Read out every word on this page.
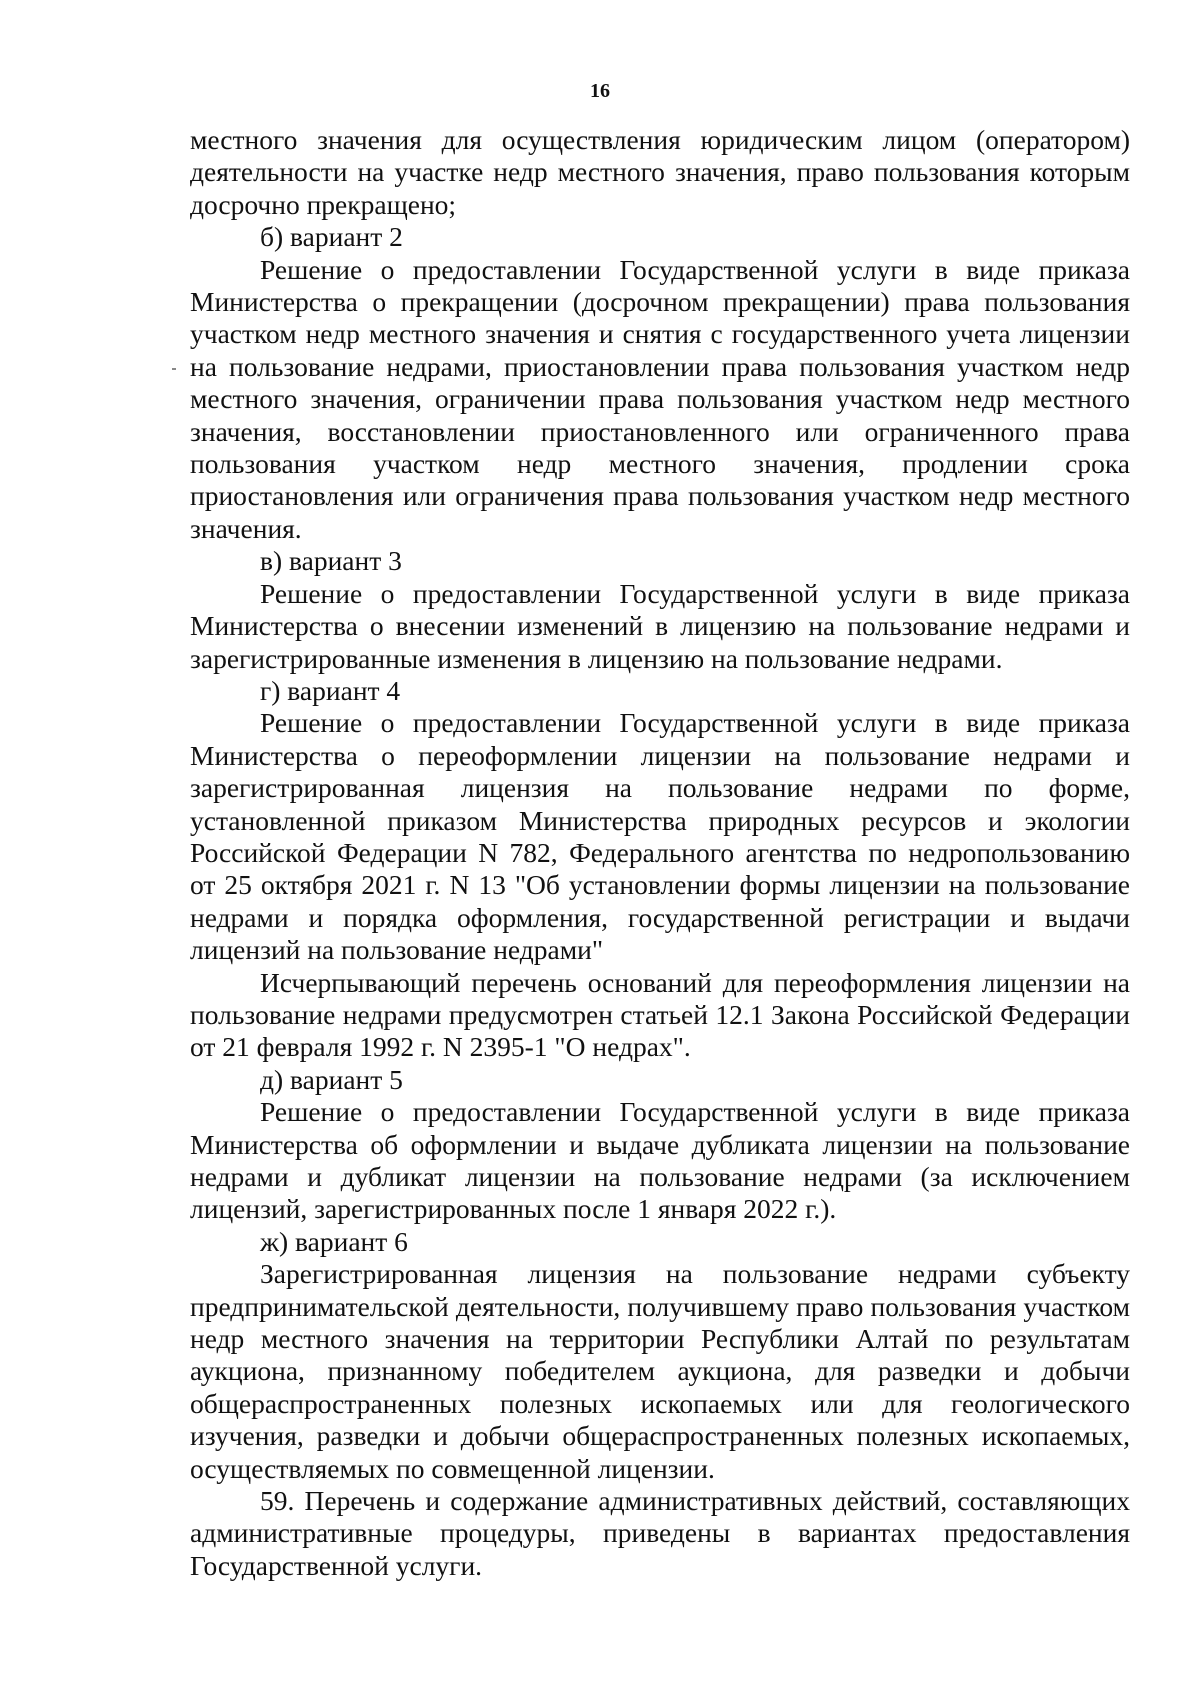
16

местного значения для осуществления юридическим лицом (оператором) деятельности на участке недр местного значения, право пользования которым досрочно прекращено;

б) вариант 2

Решение о предоставлении Государственной услуги в виде приказа Министерства о прекращении (досрочном прекращении) права пользования участком недр местного значения и снятия с государственного учета лицензии на пользование недрами, приостановлении права пользования участком недр местного значения, ограничении права пользования участком недр местного значения, восстановлении приостановленного или ограниченного права пользования участком недр местного значения, продлении срока приостановления или ограничения права пользования участком недр местного значения.

в) вариант 3

Решение о предоставлении Государственной услуги в виде приказа Министерства о внесении изменений в лицензию на пользование недрами и зарегистрированные изменения в лицензию на пользование недрами.

г) вариант 4

Решение о предоставлении Государственной услуги в виде приказа Министерства о переоформлении лицензии на пользование недрами и зарегистрированная лицензия на пользование недрами по форме, установленной приказом Министерства природных ресурсов и экологии Российской Федерации N 782, Федерального агентства по недропользованию от 25 октября 2021 г. N 13 "Об установлении формы лицензии на пользование недрами и порядка оформления, государственной регистрации и выдачи лицензий на пользование недрами"

Исчерпывающий перечень оснований для переоформления лицензии на пользование недрами предусмотрен статьей 12.1 Закона Российской Федерации от 21 февраля 1992 г. N 2395-1 "О недрах".

д) вариант 5

Решение о предоставлении Государственной услуги в виде приказа Министерства об оформлении и выдаче дубликата лицензии на пользование недрами и дубликат лицензии на пользование недрами (за исключением лицензий, зарегистрированных после 1 января 2022 г.).

ж) вариант 6

Зарегистрированная лицензия на пользование недрами субъекту предпринимательской деятельности, получившему право пользования участком недр местного значения на территории Республики Алтай по результатам аукциона, признанному победителем аукциона, для разведки и добычи общераспространенных полезных ископаемых или для геологического изучения, разведки и добычи общераспространенных полезных ископаемых, осуществляемых по совмещенной лицензии.

59. Перечень и содержание административных действий, составляющих административные процедуры, приведены в вариантах предоставления Государственной услуги.
